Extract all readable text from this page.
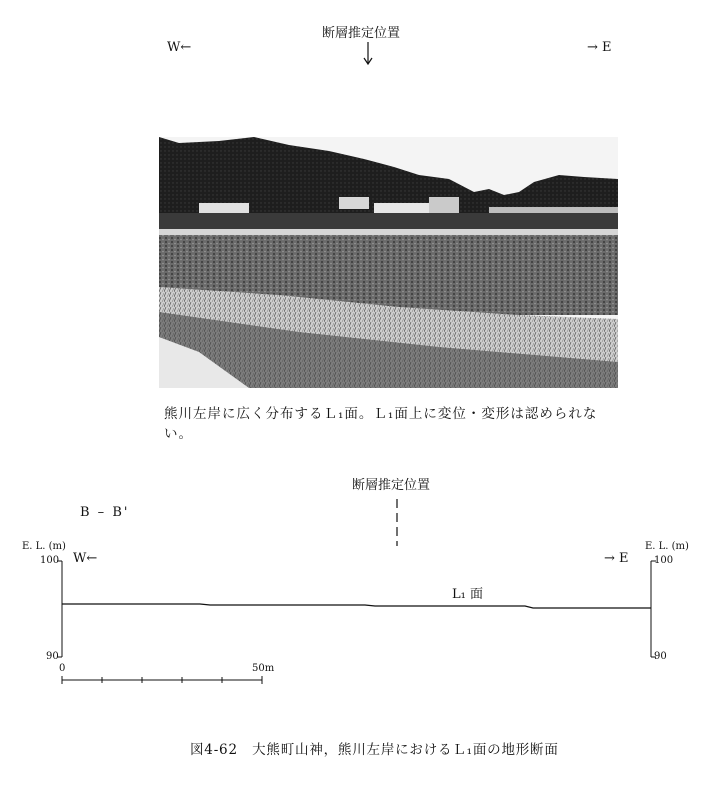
断層推定位置
W←	→ E
熊川左岸に広く分布するＬ₁面。Ｌ₁面上に変位・変形は認められない。
断層推定位置
B – B'
E. L. (m)	E. L. (m)
W←	→ E
100
90
100
90
L₁ 面
0	50m
図4-62　大熊町山神，熊川左岸におけるＬ₁面の地形断面
